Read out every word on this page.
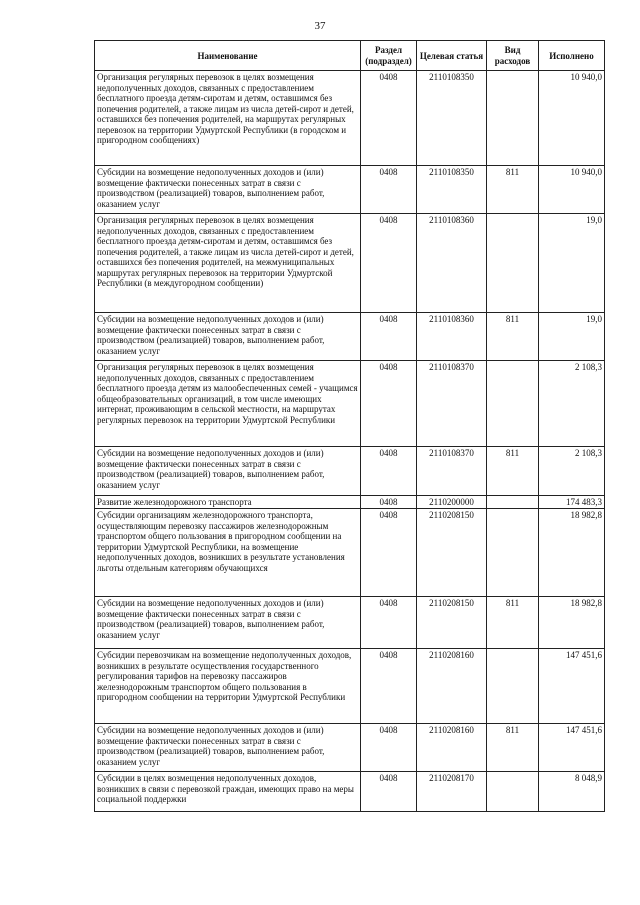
37
Наименование	Раздел (подраздел)	Целевая статья	Вид расходов	Исполнено
Организация регулярных перевозок в целях возмещения недополученных доходов, связанных с предоставлением бесплатного проезда детям-сиротам и детям, оставшимся без попечения родителей, а также лицам из числа детей-сирот и детей, оставшихся без попечения родителей, на маршрутах регулярных перевозок на территории Удмуртской Республики (в городском и пригородном сообщениях)	0408	2110108350		10 940,0
Субсидии на возмещение недополученных доходов и (или) возмещение фактически понесенных затрат в связи с производством (реализацией) товаров, выполнением работ, оказанием услуг	0408	2110108350	811	10 940,0
Организация регулярных перевозок в целях возмещения недополученных доходов, связанных с предоставлением бесплатного проезда детям-сиротам и детям, оставшимся без попечения родителей, а также лицам из числа детей-сирот и детей, оставшихся без попечения родителей, на межмуниципальных маршрутах регулярных перевозок на территории Удмуртской Республики (в междугородном сообщении)	0408	2110108360		19,0
Субсидии на возмещение недополученных доходов и (или) возмещение фактически понесенных затрат в связи с производством (реализацией) товаров, выполнением работ, оказанием услуг	0408	2110108360	811	19,0
Организация регулярных перевозок в целях возмещения недополученных доходов, связанных с предоставлением бесплатного проезда детям из малообеспеченных семей - учащимся общеобразовательных организаций, в том числе имеющих интернат, проживающим в сельской местности, на маршрутах регулярных перевозок на территории Удмуртской Республики	0408	2110108370		2 108,3
Субсидии на возмещение недополученных доходов и (или) возмещение фактически понесенных затрат в связи с производством (реализацией) товаров, выполнением работ, оказанием услуг	0408	2110108370	811	2 108,3
Развитие железнодорожного транспорта	0408	2110200000		174 483,3
Субсидии организациям железнодорожного транспорта, осуществляющим перевозку пассажиров железнодорожным транспортом общего пользования в пригородном сообщении на территории Удмуртской Республики, на возмещение недополученных доходов, возникших в результате установления льготы отдельным категориям обучающихся	0408	2110208150		18 982,8
Субсидии на возмещение недополученных доходов и (или) возмещение фактически понесенных затрат в связи с производством (реализацией) товаров, выполнением работ, оказанием услуг	0408	2110208150	811	18 982,8
Субсидии перевозчикам на возмещение недополученных доходов, возникших в результате осуществления государственного регулирования тарифов на перевозку пассажиров железнодорожным транспортом общего пользования в пригородном сообщении на территории Удмуртской Республики	0408	2110208160		147 451,6
Субсидии на возмещение недополученных доходов и (или) возмещение фактически понесенных затрат в связи с производством (реализацией) товаров, выполнением работ, оказанием услуг	0408	2110208160	811	147 451,6
Субсидии в целях возмещения недополученных доходов, возникших в связи с перевозкой граждан, имеющих право на меры социальной поддержки	0408	2110208170		8 048,9
